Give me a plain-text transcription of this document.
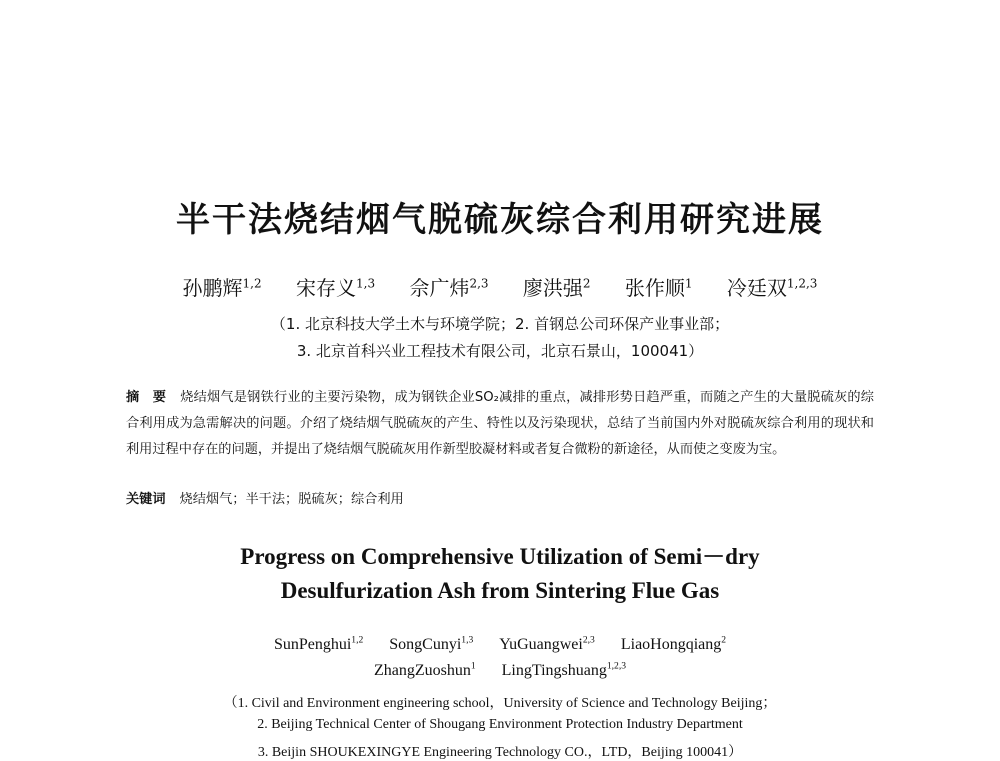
半干法烧结烟气脱硫灰综合利用研究进展
孙鹏辉$^{1,2}$ 宋存义$^{1,3}$ 佘广炜$^{2,3}$ 廖洪强$^2$ 张作顺$^1$ 冷廷双$^{1,2,3}$
（1. 北京科技大学土木与环境学院；2. 首钢总公司环保产业事业部；
3. 北京首科兴业工程技术有限公司，北京石景山，100041）
摘　要 烧结烟气是钢铁行业的主要污染物，成为钢铁企业SO₂减排的重点，减排形势日趋严重，而随之产生的大量脱硫灰的综合利用成为急需解决的问题。介绍了烧结烟气脱硫灰的产生、特性以及污染现状，总结了当前国内外对脱硫灰综合利用的现状和利用过程中存在的问题，并提出了烧结烟气脱硫灰用作新型胶凝材料或者复合微粉的新途径，从而使之变废为宝。
关键词 烧结烟气；半干法；脱硫灰；综合利用
Progress on Comprehensive Utilization of Semi－dry
Desulfurization Ash from Sintering Flue Gas
SunPenghui$^{1,2}$ SongCunyi$^{1,3}$ YuGuangwei$^{2,3}$ LiaoHongqiang$^2$
ZhangZuoshun$^1$ LingTingshuang$^{1,2,3}$
（1. Civil and Environment engineering school，University of Science and Technology Beijing；
2. Beijing Technical Center of Shougang Environment Protection Industry Department
3. Beijin SHOUKEXINGYE Engineering Technology CO.，LTD，Beijing 100041）
